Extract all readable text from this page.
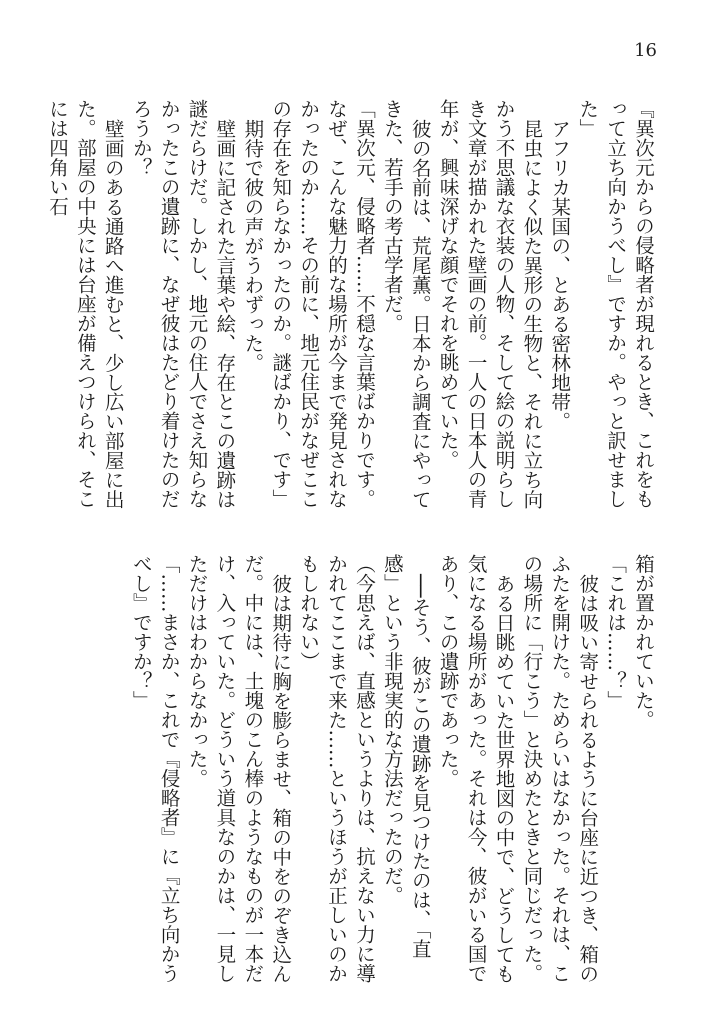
16

『異次元からの侵略者が現れるとき、これをもって立ち向かうべし』ですか。やっと訳せました」

アフリカ某国の、とある密林地帯。

昆虫によく似た異形の生物と、それに立ち向かう不思議な衣装の人物、そして絵の説明らしき文章が描かれた壁画の前。一人の日本人の青年が、興味深げな顔でそれを眺めていた。

彼の名前は、荒尾薫。日本から調査にやってきた、若手の考古学者だ。

「異次元、侵略者……不穏な言葉ばかりです。なぜ、こんな魅力的な場所が今まで発見されなかったのか……その前に、地元住民がなぜここの存在を知らなかったのか。謎ばかり、です」

期待で彼の声がうわずった。

壁画に記された言葉や絵、存在とこの遺跡は謎だらけだ。しかし、地元の住人でさえ知らなかったこの遺跡に、なぜ彼はたどり着けたのだろうか？

壁画のある通路へ進むと、少し広い部屋に出た。部屋の中央には台座が備えつけられ、そこには四角い石

箱が置かれていた。

「これは……？」

彼は吸い寄せられるように台座に近つき、箱のふたを開けた。ためらいはなかった。それは、この場所に「行こう」と決めたときと同じだった。

ある日眺めていた世界地図の中で、どうしても気になる場所があった。それは今、彼がいる国であり、この遺跡であった。

──そう、彼がこの遺跡を見つけたのは、「直感」という非現実的な方法だったのだ。

（今思えば、直感というよりは、抗えない力に導かれてここまで来た……というほうが正しいのかもしれない）

彼は期待に胸を膨らませ、箱の中をのぞき込んだ。中には、土塊のこん棒のようなものが一本だけ、入っていた。どういう道具なのかは、一見しただけはわからなかった。

「……まさか、これで『侵略者』に『立ち向かうべし』ですか？」
